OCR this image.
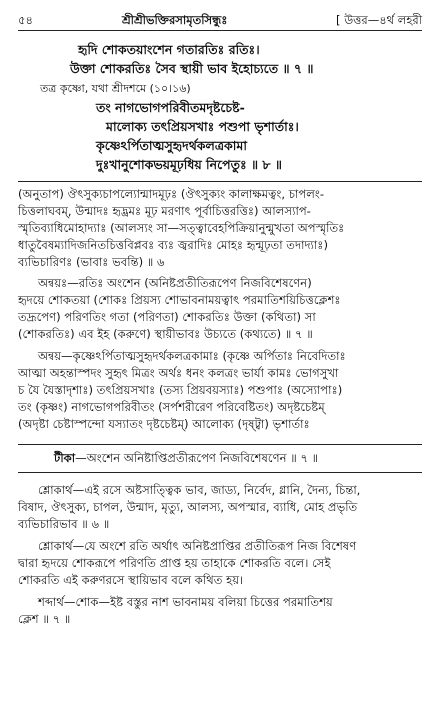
৫৪	শ্রীশ্রীভক্তিরসামৃতসিন্ধুঃ	[ উত্তর—৪র্থ লহরী
হৃদি শোকতয়াংশেন গতারতিঃ রতিঃ।
উক্তা শোকরতিঃ সৈব স্থায়ী ভাব ইহোচ্যতে ॥ ৭ ॥
তত্র কৃষ্ণো, যথা শ্রীদশমে (১০।১৬)
তং নাগভোগপরিবীতমদৃষ্টচেষ্ট-
মালোক্য তৎপ্রিয়সখাঃ পশুপা ভৃশার্তাঃ।
কৃষ্ণেঽর্পিতাত্মসুহৃদর্থকলত্রকামা
দুঃখানুশোকভয়মূঢ়ধিয় নিপেতুঃ ॥ ৮ ॥
(অনুতাপ) ঔৎসুক্যচাপল্যোন্মাদমূঢ়ঃ (ঔৎসুক্যং কালাক্ষমত্বং, চাপলং-
চিত্তলাঘবম্, উন্মাদঃ হৃদ্ভ্রমঃ মূঢ় মরণাৎ পূর্বাচিত্তরত্তিঃ) আলস্যাপ-
স্মৃতিব্যাধিমোহাদ্যাঃ (আলস্যং সা—সত্ত্বাবেহপিক্রিয়ানুন্মুখতা অপস্মৃতিঃ
ধাতুবৈষম্যাদিজনিতচিত্তবিপ্লবঃ ব্যঃ জ্বরাদিঃ মোহঃ হৃন্মূঢ়তা তদাদ্যাঃ)
ব্যভিচারিণঃ (ভাবাঃ ভবন্তি) ॥ ৬
অন্বয়ঃ—রতিঃ অংশেন (অনিষ্টপ্রতীতিরূপেণ নিজবিশেষণেন)
হৃদয়ে শোকতয়া (শোকঃ প্রিয়স্য শোভাবনাময়ত্বাৎ পরমাতিশয়িচিত্তক্লেশঃ
তদ্রূপেণ) পরিণতিং গতা (পরিণতা) শোকরতিঃ উক্তা (কথিতা) সা
(শোকরতিঃ) এব ইহ (করুণে) স্থায়ীভাবঃ উচ্যতে (কথ্যতে) ॥ ৭ ॥
অন্বয়—কৃষ্ণেঽর্পিতাত্মসুহৃদর্থকলত্রকামাঃ (কৃষ্ণে অর্পিতাঃ নিবেদিতাঃ
আত্মা অহন্তাস্পদং সুহৃৎ মিত্রং অর্থঃ ধনং কলত্রং ভার্যা কামঃ ভোগসুখা
চ যৈ যৈস্তাদৃশাঃ) তৎপ্রিয়সখাঃ (তস্য প্রিয়বয়স্যাঃ) পশুপাঃ (অস্যোপাঃ)
তং (কৃষ্ণং) নাগভোগপরিবীতং (সর্পশরীরেণ পরিবেষ্টিতং) অদৃষ্টচেষ্টম্
(অদৃষ্টা চেষ্টাস্পন্দো যস্যাতং দৃষ্টচেষ্টম্) আলোক্য (দৃষ্ট্বা) ভৃশার্তাঃ
টীকা—অংশেন অনিষ্টাপ্তিপ্রতীরূপেণ নিজবিশেষণেন ॥ ৭ ॥
শ্লোকার্থ—এই রসে অষ্টসাত্ত্বিক ভাব, জাড্য, নির্বেদ, গ্লানি, দৈন্য, চিন্তা,
বিষাদ, ঔৎসুক্য, চাপল, উন্মাদ, মৃত্যু, আলস্য, অপস্মার, ব্যাধি, মোহ প্রভৃতি
ব্যভিচারিভাব ॥ ৬ ॥
শ্লোকার্থ—যে অংশে রতি অর্থাৎ অনিষ্টপ্রাপ্তির প্রতীতিরূপ নিজ বিশেষণ
দ্বারা হৃদয়ে শোকরূপে পরিণতি প্রাপ্ত হয় তাহাকে শোকরতি বলে। সেই
শোকরতি এই করুণরসে স্থায়িভাব বলে কথিত হয়।
শব্দার্থ—শোক—ইষ্ট বস্তুর নাশ ভাবনাময় বলিয়া চিত্তের পরমাতিশয়
ক্লেশ ॥ ৭ ॥
